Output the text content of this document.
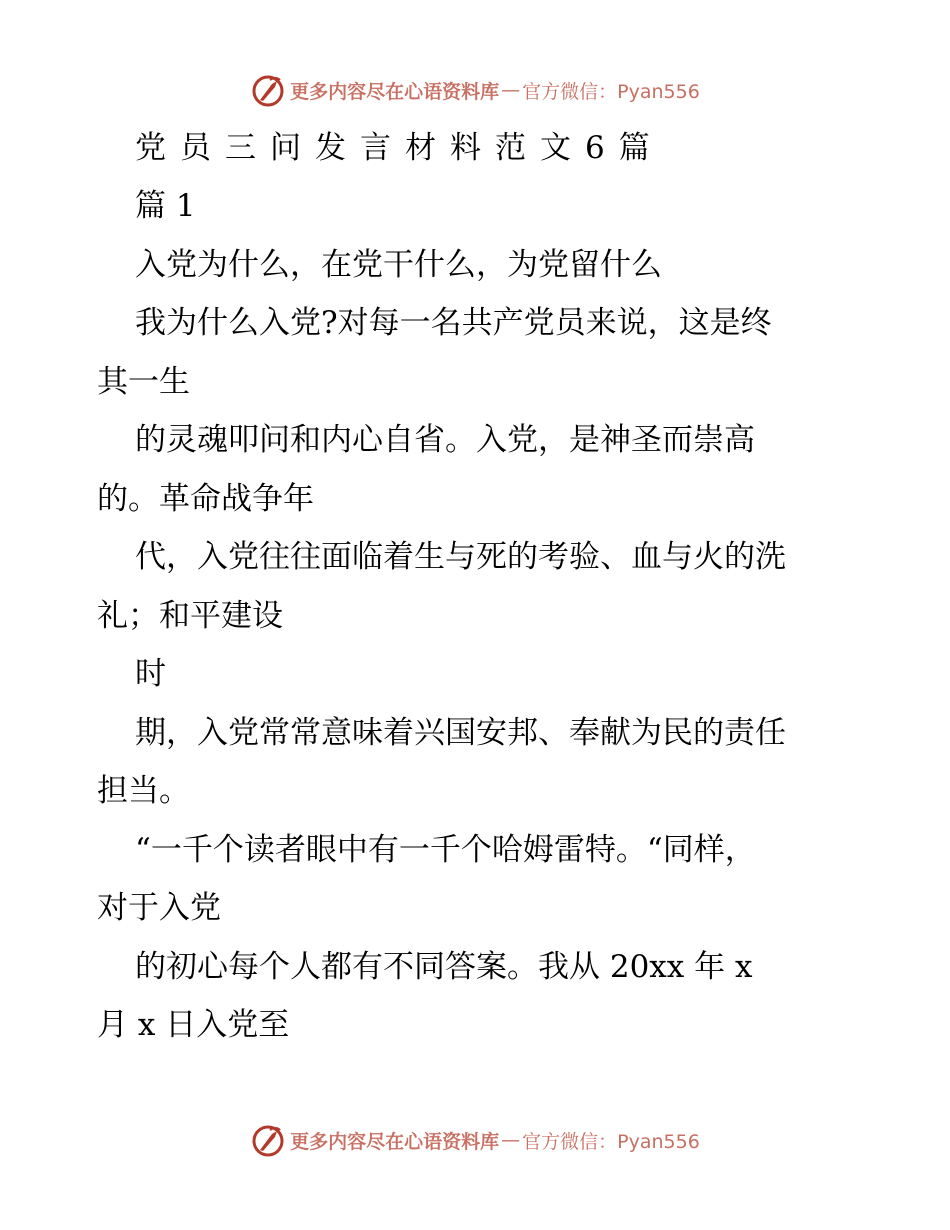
更多内容尽在心语资料库 — 官方微信：Pyan556
党员三问发言材料范文6篇
篇 1
入党为什么，在党干什么，为党留什么
我为什么入党?对每一名共产党员来说，这是终
其一生
的灵魂叩问和内心自省。入党，是神圣而崇高
的。革命战争年
代，入党往往面临着生与死的考验、血与火的洗
礼；和平建设
时
期，入党常常意味着兴国安邦、奉献为民的责任
担当。
“一千个读者眼中有一千个哈姆雷特。“同样，
对于入党
的初心每个人都有不同答案。我从 20xx 年 x
月 x 日入党至
更多内容尽在心语资料库 — 官方微信：Pyan556
